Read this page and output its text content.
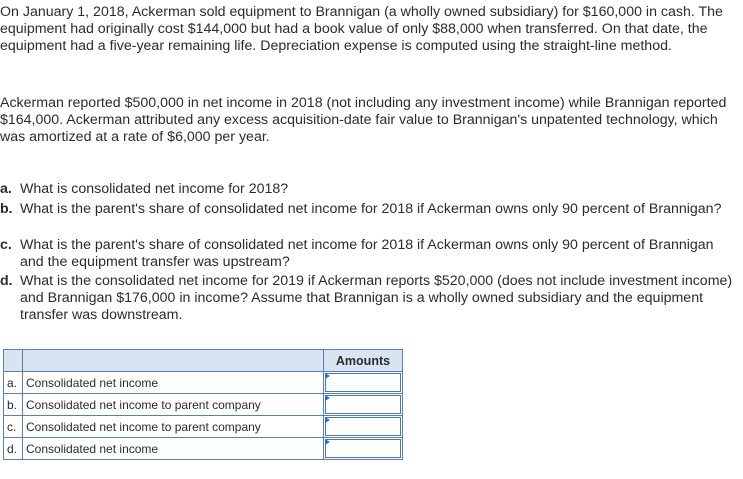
On January 1, 2018, Ackerman sold equipment to Brannigan (a wholly owned subsidiary) for $160,000 in cash. The equipment had originally cost $144,000 but had a book value of only $88,000 when transferred. On that date, the equipment had a five-year remaining life. Depreciation expense is computed using the straight-line method.

Ackerman reported $500,000 in net income in 2018 (not including any investment income) while Brannigan reported $164,000. Ackerman attributed any excess acquisition-date fair value to Brannigan's unpatented technology, which was amortized at a rate of $6,000 per year.

a. What is consolidated net income for 2018?
b. What is the parent's share of consolidated net income for 2018 if Ackerman owns only 90 percent of Brannigan?
c. What is the parent's share of consolidated net income for 2018 if Ackerman owns only 90 percent of Brannigan and the equipment transfer was upstream?
d. What is the consolidated net income for 2019 if Ackerman reports $520,000 (does not include investment income) and Brannigan $176,000 in income? Assume that Brannigan is a wholly owned subsidiary and the equipment transfer was downstream.
		Amounts
a.	Consolidated net income	

b.	Consolidated net income to parent company	

c.	Consolidated net income to parent company	

d.	Consolidated net income	
